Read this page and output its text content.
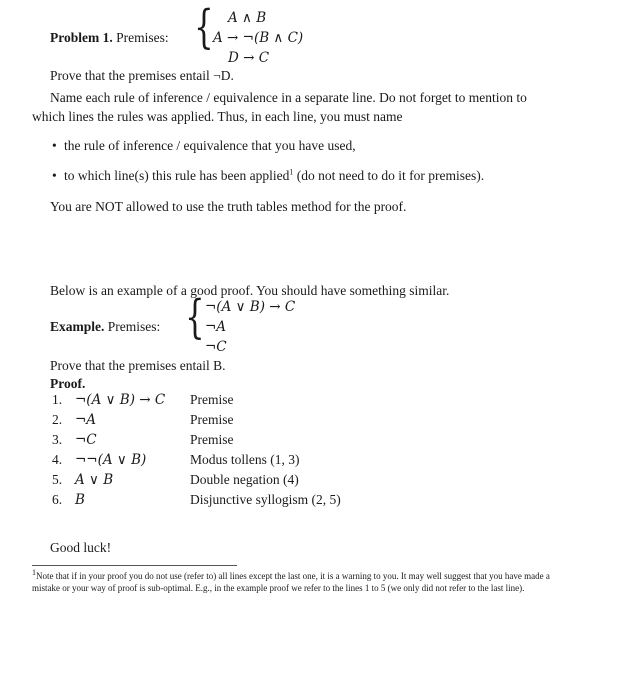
Problem 1. Premises: { A ∧ B
A → ¬(B ∧ C)
D → C
Prove that the premises entail ¬D.
Name each rule of inference / equivalence in a separate line. Do not forget to mention to which lines the rules was applied. Thus, in each line, you must name
• the rule of inference / equivalence that you have used,
• to which line(s) this rule has been applied$^1$ (do not need to do it for premises).
You are NOT allowed to use the truth tables method for the proof.
Below is an example of a good proof. You should have something similar.
Example. Premises: { ¬(A ∨ B) → C
¬A
¬C
Prove that the premises entail B.
Proof.
1. ¬(A ∨ B) → C Premise
2. ¬A	Premise
3. ¬C	Premise
4. ¬¬(A ∨ B)	Modus tollens (1, 3)
5. A ∨ B	Double negation (4)
6. B	Disjunctive syllogism (2, 5)
Good luck!
$^1$Note that if in your proof you do not use (refer to) all lines except the last one, it is a warning to you. It may well suggest that you have made a mistake or your way of proof is sub-optimal. E.g., in the example proof we refer to the lines 1 to 5 (we only did not refer to the last line).
